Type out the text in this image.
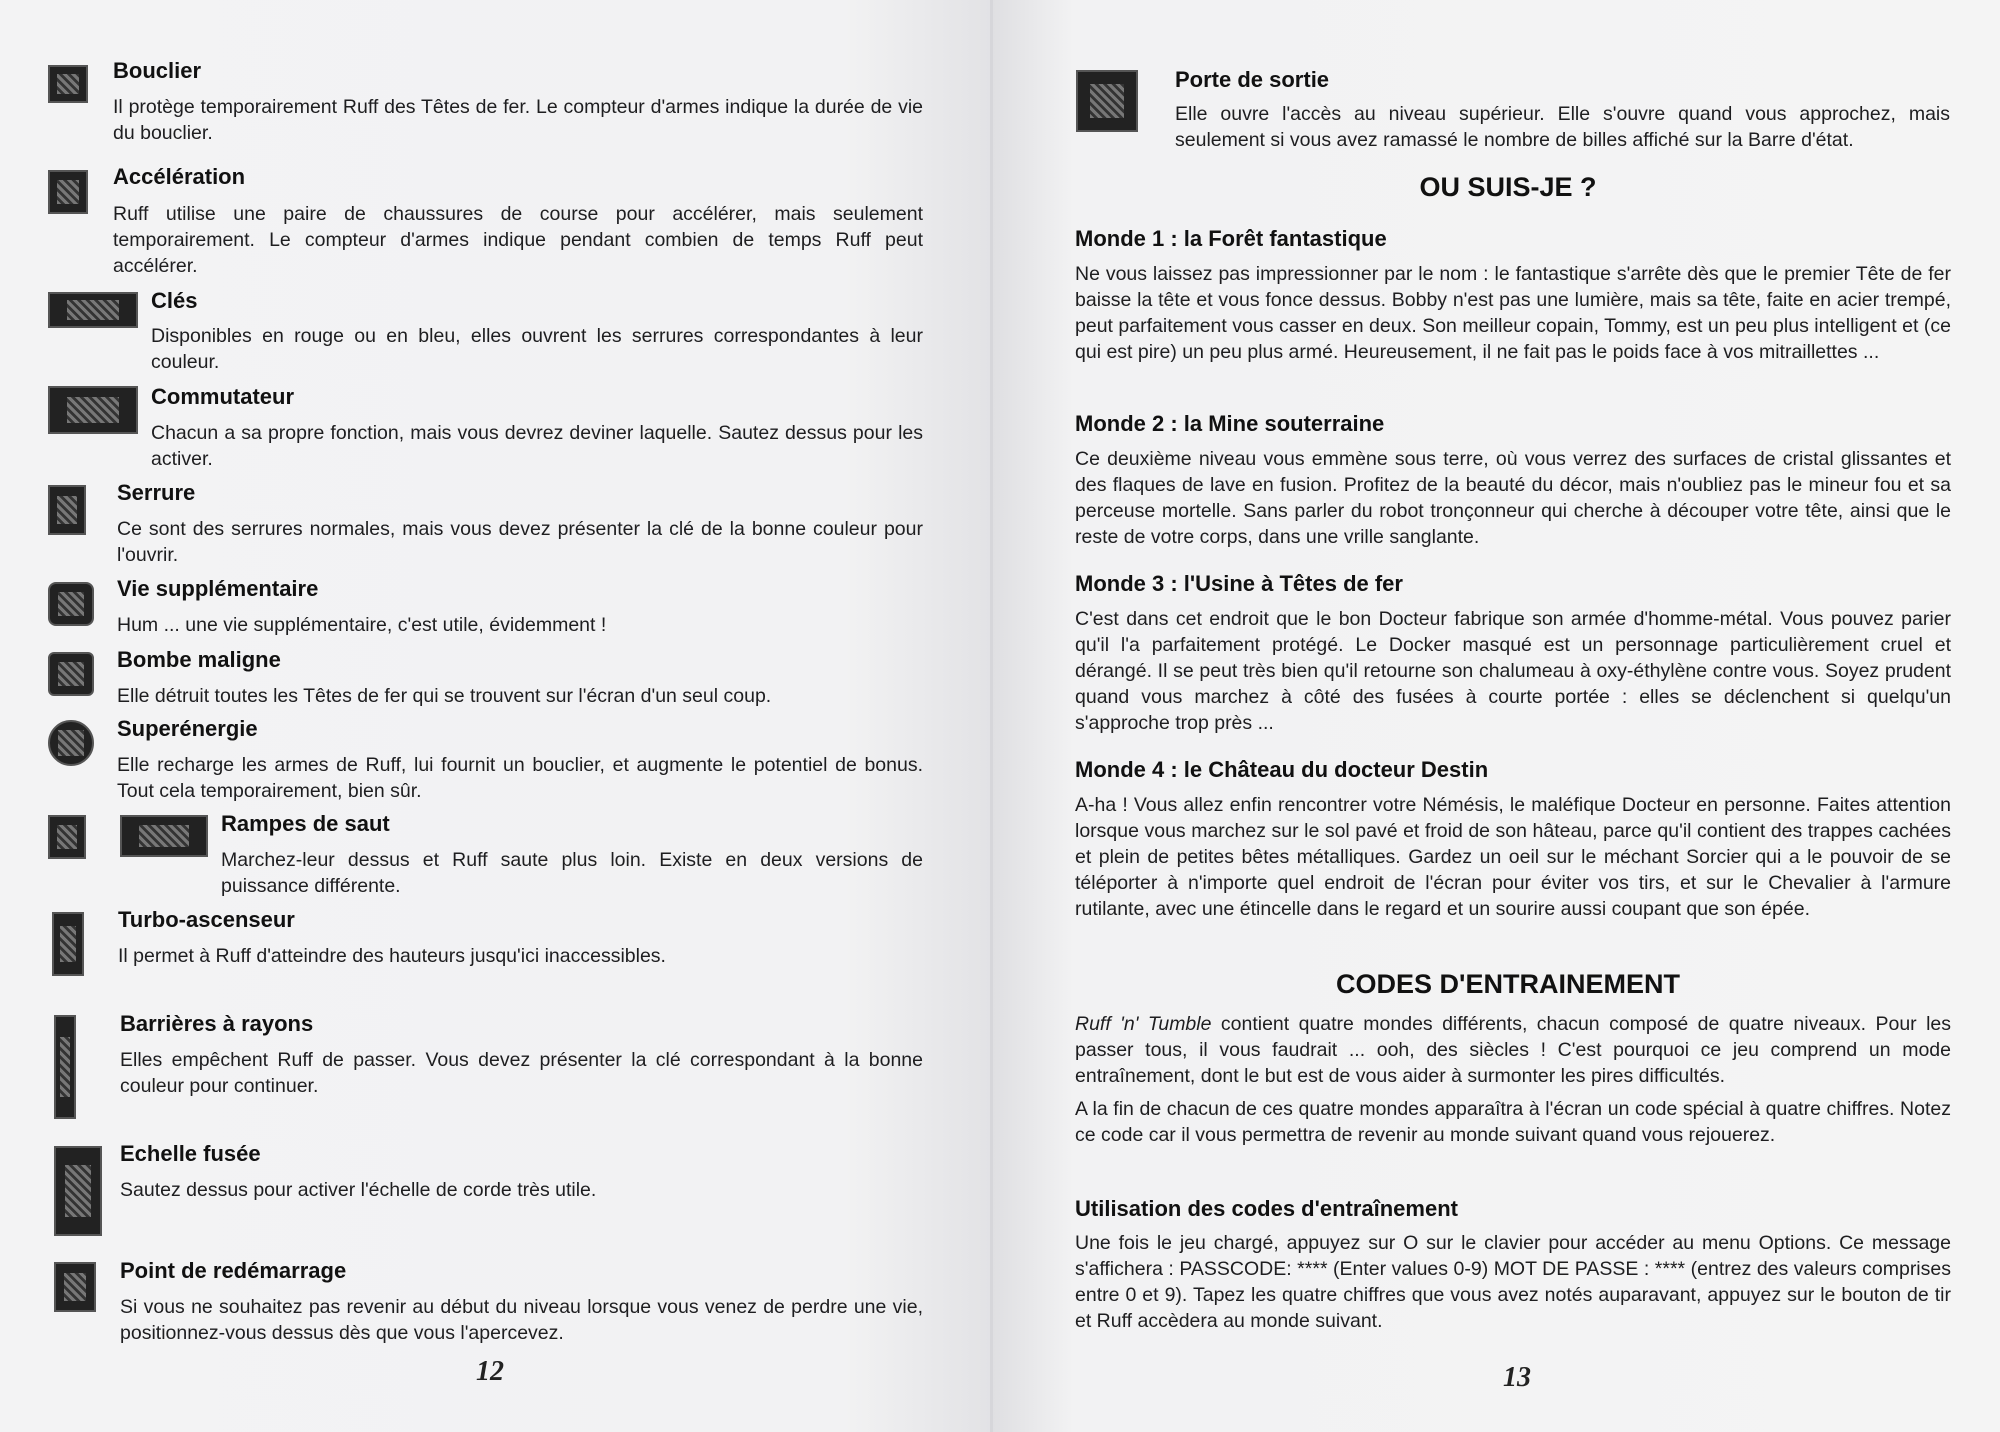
Bouclier
Il protège temporairement Ruff des Têtes de fer. Le compteur d'armes indique la durée de vie du bouclier.
Accélération
Ruff utilise une paire de chaussures de course pour accélérer, mais seulement temporairement. Le compteur d'armes indique pendant combien de temps Ruff peut accélérer.
Clés
Disponibles en rouge ou en bleu, elles ouvrent les serrures correspondantes à leur couleur.
Commutateur
Chacun a sa propre fonction, mais vous devrez deviner laquelle. Sautez dessus pour les activer.
Serrure
Ce sont des serrures normales, mais vous devez présenter la clé de la bonne couleur pour l'ouvrir.
Vie supplémentaire
Hum ... une vie supplémentaire, c'est utile, évidemment !
Bombe maligne
Elle détruit toutes les Têtes de fer qui se trouvent sur l'écran d'un seul coup.
Superénergie
Elle recharge les armes de Ruff, lui fournit un bouclier, et augmente le potentiel de bonus. Tout cela temporairement, bien sûr.
Rampes de saut
Marchez-leur dessus et Ruff saute plus loin. Existe en deux versions de puissance différente.
Turbo-ascenseur
Il permet à Ruff d'atteindre des hauteurs jusqu'ici inaccessibles.
Barrières à rayons
Elles empêchent Ruff de passer. Vous devez présenter la clé correspondant à la bonne couleur pour continuer.
Echelle fusée
Sautez dessus pour activer l'échelle de corde très utile.
Point de redémarrage
Si vous ne souhaitez pas revenir au début du niveau lorsque vous venez de perdre une vie, positionnez-vous dessus dès que vous l'apercevez.
12
Porte de sortie
Elle ouvre l'accès au niveau supérieur. Elle s'ouvre quand vous approchez, mais seulement si vous avez ramassé le nombre de billes affiché sur la Barre d'état.
OU SUIS-JE ?
Monde 1 : la Forêt fantastique
Ne vous laissez pas impressionner par le nom : le fantastique s'arrête dès que le premier Tête de fer baisse la tête et vous fonce dessus. Bobby n'est pas une lumière, mais sa tête, faite en acier trempé, peut parfaitement vous casser en deux. Son meilleur copain, Tommy, est un peu plus intelligent et (ce qui est pire) un peu plus armé. Heureusement, il ne fait pas le poids face à vos mitraillettes ...
Monde 2 : la Mine souterraine
Ce deuxième niveau vous emmène sous terre, où vous verrez des surfaces de cristal glissantes et des flaques de lave en fusion. Profitez de la beauté du décor, mais n'oubliez pas le mineur fou et sa perceuse mortelle. Sans parler du robot tronçonneur qui cherche à découper votre tête, ainsi que le reste de votre corps, dans une vrille sanglante.
Monde 3 : l'Usine à Têtes de fer
C'est dans cet endroit que le bon Docteur fabrique son armée d'homme-métal. Vous pouvez parier qu'il l'a parfaitement protégé. Le Docker masqué est un personnage particulièrement cruel et dérangé. Il se peut très bien qu'il retourne son chalumeau à oxy-éthylène contre vous. Soyez prudent quand vous marchez à côté des fusées à courte portée : elles se déclenchent si quelqu'un s'approche trop près ...
Monde 4 : le Château du docteur Destin
A-ha ! Vous allez enfin rencontrer votre Némésis, le maléfique Docteur en personne. Faites attention lorsque vous marchez sur le sol pavé et froid de son hâteau, parce qu'il contient des trappes cachées et plein de petites bêtes métalliques. Gardez un oeil sur le méchant Sorcier qui a le pouvoir de se téléporter à n'importe quel endroit de l'écran pour éviter vos tirs, et sur le Chevalier à l'armure rutilante, avec une étincelle dans le regard et un sourire aussi coupant que son épée.
CODES D'ENTRAINEMENT
Ruff 'n' Tumble contient quatre mondes différents, chacun composé de quatre niveaux. Pour les passer tous, il vous faudrait ... ooh, des siècles ! C'est pourquoi ce jeu comprend un mode entraînement, dont le but est de vous aider à surmonter les pires difficultés.
A la fin de chacun de ces quatre mondes apparaîtra à l'écran un code spécial à quatre chiffres. Notez ce code car il vous permettra de revenir au monde suivant quand vous rejouerez.
Utilisation des codes d'entraînement
Une fois le jeu chargé, appuyez sur O sur le clavier pour accéder au menu Options. Ce message s'affichera : PASSCODE: **** (Enter values 0-9) MOT DE PASSE : **** (entrez des valeurs comprises entre 0 et 9). Tapez les quatre chiffres que vous avez notés auparavant, appuyez sur le bouton de tir et Ruff accèdera au monde suivant.
13
